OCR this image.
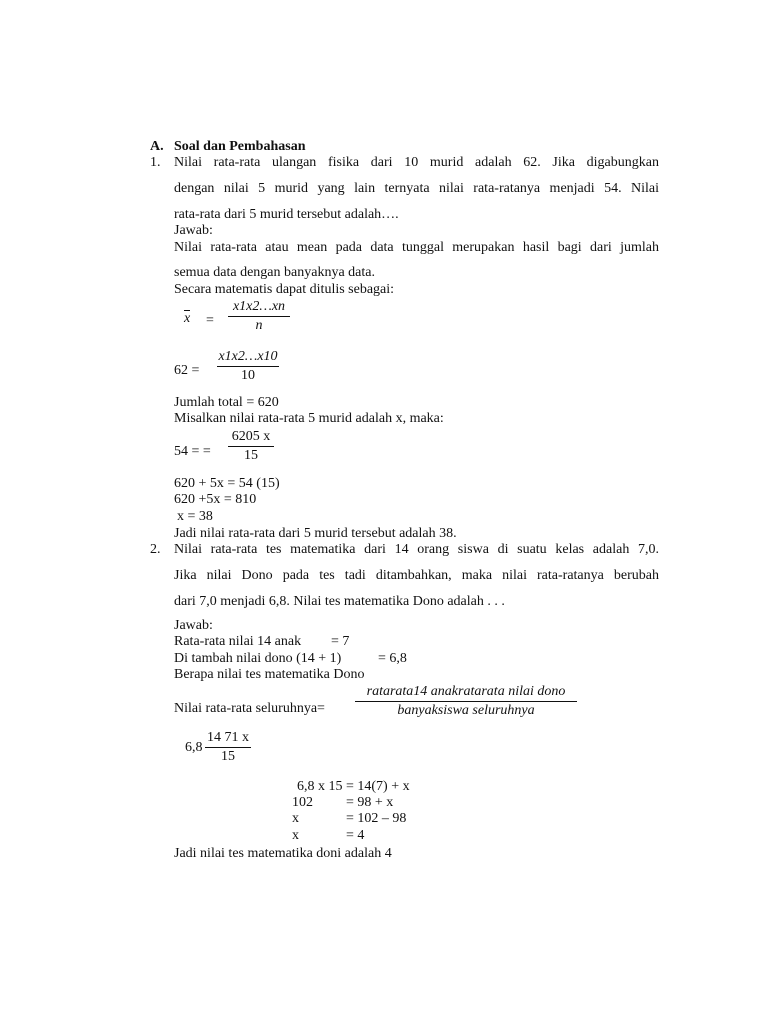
A. Soal dan Pembahasan
1. Nilai rata-rata ulangan fisika dari 10 murid adalah 62. Jika digabungkan
dengan nilai 5 murid yang lain ternyata nilai rata-ratanya menjadi 54. Nilai
rata-rata dari 5 murid tersebut adalah….
Jawab:
Nilai rata-rata atau mean pada data tunggal merupakan hasil bagi dari jumlah
semua data dengan banyaknya data.
Secara matematis dapat ditulis sebagai:
x =
x1x2…xn
n
62 =
x1x2…x10
10
Jumlah total = 620
Misalkan nilai rata-rata 5 murid adalah x, maka:
54 = =
6205 x
15
620 + 5x = 54 (15)
620 +5x = 810
x = 38
Jadi nilai rata-rata dari 5 murid tersebut adalah 38.
2. Nilai rata-rata tes matematika dari 14 orang siswa di suatu kelas adalah 7,0.
Jika nilai Dono pada tes tadi ditambahkan, maka nilai rata-ratanya berubah
dari 7,0 menjadi 6,8. Nilai tes matematika Dono adalah . . .
Jawab:
Rata-rata nilai 14 anak = 7
Di tambah nilai dono (14 + 1)	= 6,8
Berapa nilai tes matematika Dono
Nilai rata-rata seluruhnya=
ratarata14 anakratarata nilai dono
banyaksiswa seluruhnya
6,8
14 71 x
15
6,8 x 15 = 14(7) + x
102 = 98 + x
x	= 102 – 98
x	= 4
Jadi nilai tes matematika doni adalah 4
